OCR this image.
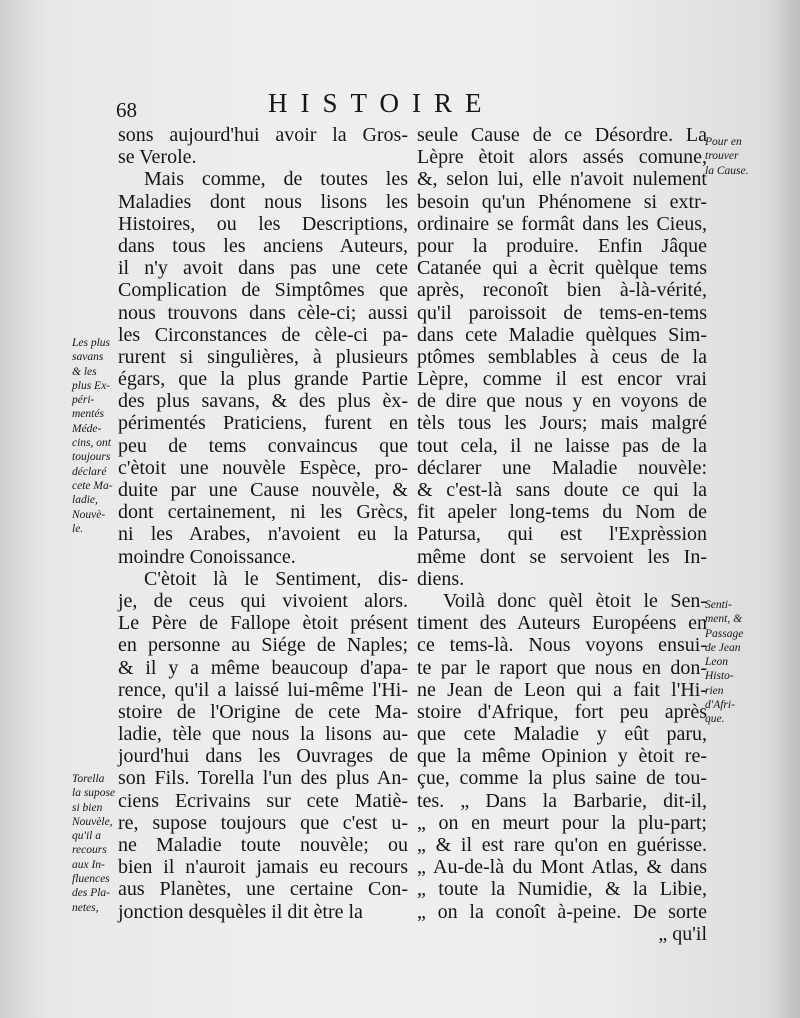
68	HISTOIRE
sons aujourd'hui avoir la Gros-
se Verole.
Mais comme, de toutes les
Maladies dont nous lisons les
Histoires, ou les Descriptions,
dans tous les anciens Auteurs,
il n'y avoit dans pas une cete
Complication de Simptômes que
nous trouvons dans cèle-ci; aussi
les Circonstances de cèle-ci pa-
rurent si singulières, à plusieurs
égars, que la plus grande Partie
des plus savans, & des plus èx-
périmentés Praticiens, furent en
peu de tems convaincus que
c'ètoit une nouvèle Espèce, pro-
duite par une Cause nouvèle, &
dont certainement, ni les Grècs,
ni les Arabes, n'avoient eu la
moindre Conoissance.
C'ètoit là le Sentiment, dis-
je, de ceus qui vivoient alors.
Le Père de Fallope ètoit présent
en personne au Siége de Naples;
& il y a même beaucoup d'apa-
rence, qu'il a laissé lui-même l'Hi-
stoire de l'Origine de cete Ma-
ladie, tèle que nous la lisons au-
jourd'hui dans les Ouvrages de
son Fils. Torella l'un des plus An-
ciens Ecrivains sur cete Matiè-
re, supose toujours que c'est u-
ne Maladie toute nouvèle; ou
bien il n'auroit jamais eu recours
aus Planètes, une certaine Con-
jonction desquèles il dit ètre la
seule Cause de ce Désordre. La
Lèpre ètoit alors assés comune,
&, selon lui, elle n'avoit nulement
besoin qu'un Phénomene si extr-
ordinaire se formât dans les Cieus,
pour la produire. Enfin Jâque
Catanée qui a ècrit quèlque tems
après, reconoît bien à-là-vérité,
qu'il paroissoit de tems-en-tems
dans cete Maladie quèlques Sim-
ptômes semblables à ceus de la
Lèpre, comme il est encor vrai
de dire que nous y en voyons de
tèls tous les Jours; mais malgré
tout cela, il ne laisse pas de la
déclarer une Maladie nouvèle:
& c'est-là sans doute ce qui la
fit apeler long-tems du Nom de
Patursa, qui est l'Exprèssion
même dont se servoient les In-
diens.
Voilà donc quèl ètoit le Sen-
timent des Auteurs Européens en
ce tems-là. Nous voyons ensui-
te par le raport que nous en don-
ne Jean de Leon qui a fait l'Hi-
stoire d'Afrique, fort peu après
que cete Maladie y eût paru,
que la même Opinion y ètoit re-
çue, comme la plus saine de tou-
tes. „ Dans la Barbarie, dit-il,
„ on en meurt pour la plu-part;
„ & il est rare qu'on en guérisse.
„ Au-de-là du Mont Atlas, & dans
„ toute la Numidie, & la Libie,
„ on la conoît à-peine. De sorte
„ qu'il
Les plus
savans
& les
plus Ex-
péri-
mentés
Méde-
cins, ont
toujours
déclaré
cete Ma-
ladie,
Nouvè-
le.
Torella
la supose
si bien
Nouvèle,
qu'il a
recours
aux In-
fluences
des Pla-
netes,
Pour en
trouver
la Cause.
Senti-
ment, &
Passage
de Jean
Leon
Histo-
rien
d'Afri-
que.
